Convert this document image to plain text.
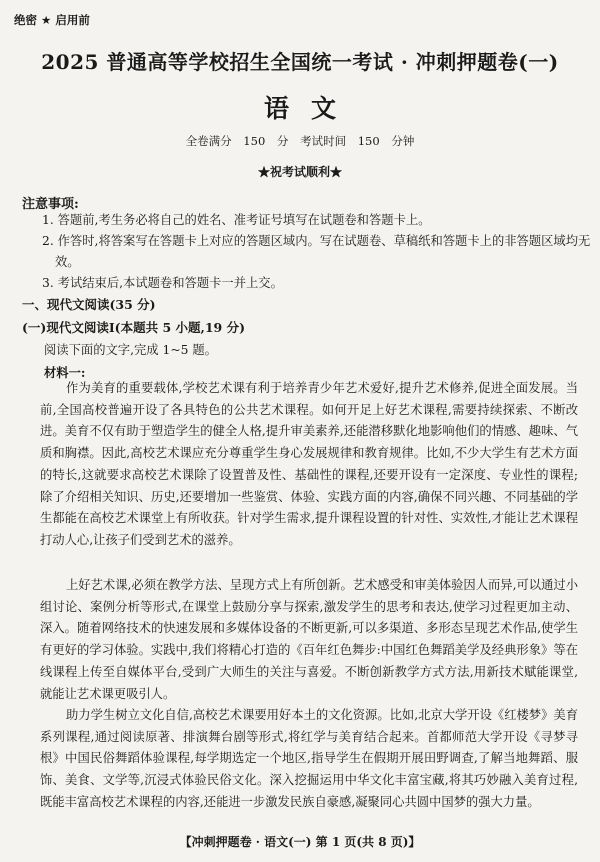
绝密 ★ 启用前
2025 普通高等学校招生全国统一考试 · 冲刺押题卷(一)
语文
全卷满分 150 分 考试时间 150 分钟
★祝考试顺利★
注意事项:
1. 答题前,考生务必将自己的姓名、准考证号填写在试题卷和答题卡上。
2. 作答时,将答案写在答题卡上对应的答题区域内。写在试题卷、草稿纸和答题卡上的非答题区域均无效。
3. 考试结束后,本试题卷和答题卡一并上交。
一、现代文阅读(35 分)
(一)现代文阅读Ⅰ(本题共 5 小题,19 分)
阅读下面的文字,完成 1~5 题。
材料一:

作为美育的重要载体,学校艺术课有利于培养青少年艺术爱好,提升艺术修养,促进全面发展。当前,全国高校普遍开设了各具特色的公共艺术课程。如何开足上好艺术课程,需要持续探索、不断改进。美育不仅有助于塑造学生的健全人格,提升审美素养,还能潜移默化地影响他们的情感、趣味、气质和胸襟。因此,高校艺术课应充分尊重学生身心发展规律和教育规律。比如,不少大学生有艺术方面的特长,这就要求高校艺术课除了设置普及性、基础性的课程,还要开设有一定深度、专业性的课程;除了介绍相关知识、历史,还要增加一些鉴赏、体验、实践方面的内容,确保不同兴趣、不同基础的学生都能在高校艺术课堂上有所收获。针对学生需求,提升课程设置的针对性、实效性,才能让艺术课程打动人心,让孩子们受到艺术的滋养。

上好艺术课,必须在教学方法、呈现方式上有所创新。艺术感受和审美体验因人而异,可以通过小组讨论、案例分析等形式,在课堂上鼓励分享与探索,激发学生的思考和表达,使学习过程更加主动、深入。随着网络技术的快速发展和多媒体设备的不断更新,可以多渠道、多形态呈现艺术作品,使学生有更好的学习体验。实践中,我们将精心打造的《百年红色舞步:中国红色舞蹈美学及经典形象》等在线课程上传至自媒体平台,受到广大师生的关注与喜爱。不断创新教学方式方法,用新技术赋能课堂,就能让艺术课更吸引人。

助力学生树立文化自信,高校艺术课要用好本土的文化资源。比如,北京大学开设《红楼梦》美育系列课程,通过阅读原著、排演舞台剧等形式,将红学与美育结合起来。首都师范大学开设《寻梦寻根》中国民俗舞蹈体验课程,每学期选定一个地区,指导学生在假期开展田野调查,了解当地舞蹈、服饰、美食、文学等,沉浸式体验民俗文化。深入挖掘运用中华文化丰富宝藏,将其巧妙融入美育过程,既能丰富高校艺术课程的内容,还能进一步激发民族自豪感,凝聚同心共圆中国梦的强大力量。

【冲刺押题卷 · 语文(一) 第 1 页(共 8 页)】
